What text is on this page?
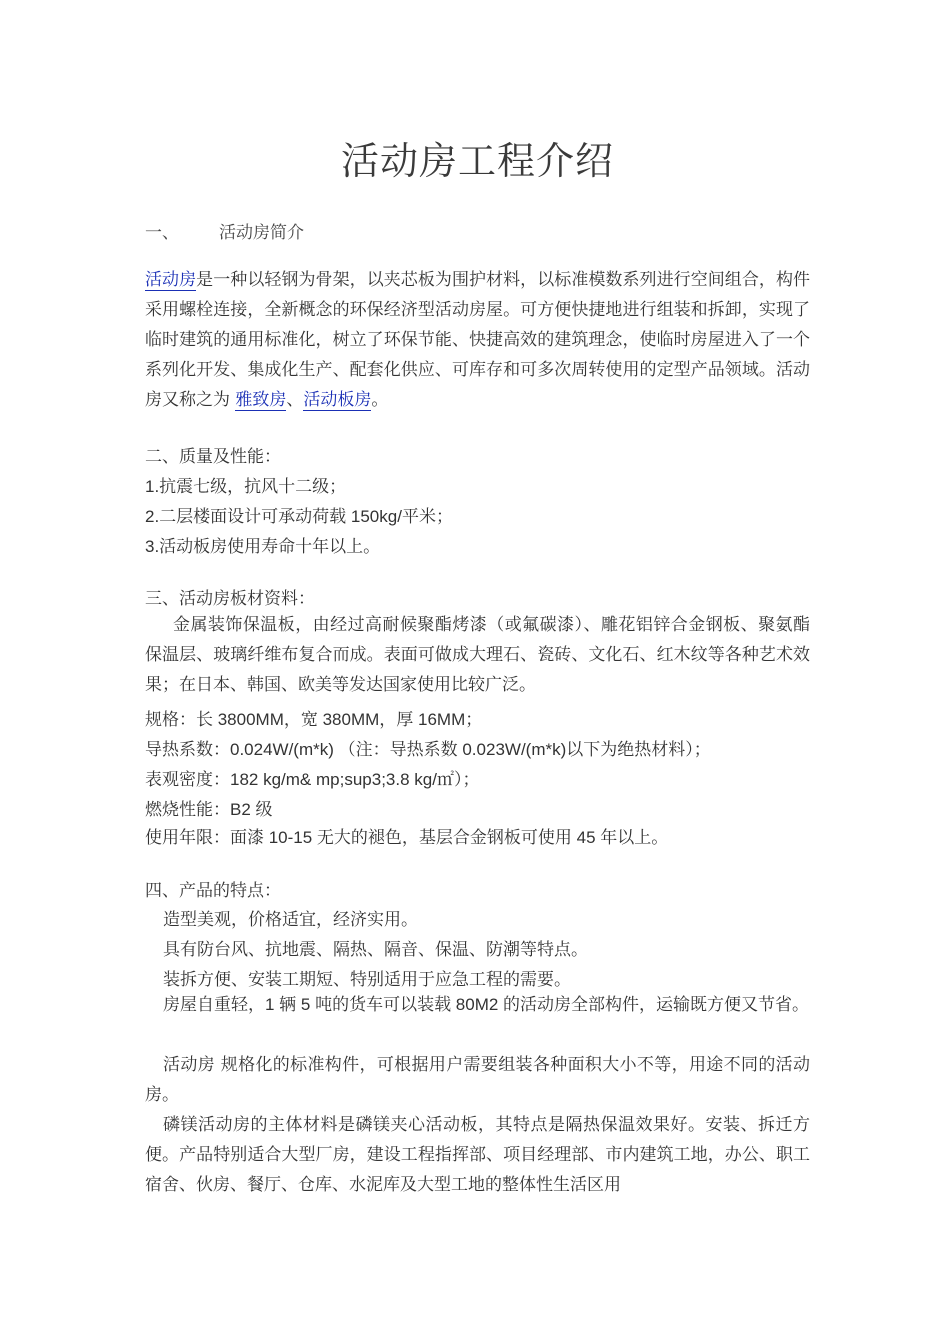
活动房工程介绍
一、 活动房简介
活动房是一种以轻钢为骨架，以夹芯板为围护材料，以标准模数系列进行空间组合，构件采用螺栓连接，全新概念的环保经济型活动房屋。可方便快捷地进行组装和拆卸，实现了临时建筑的通用标准化，树立了环保节能、快捷高效的建筑理念，使临时房屋进入了一个系列化开发、集成化生产、配套化供应、可库存和可多次周转使用的定型产品领域。活动房又称之为 雅致房、活动板房。
二、质量及性能：
1.抗震七级，抗风十二级；
2.二层楼面设计可承动荷载 150kg/平米；
3.活动板房使用寿命十年以上。
三、活动房板材资料：
金属装饰保温板，由经过高耐候聚酯烤漆（或氟碳漆）、雕花铝锌合金钢板、聚氨酯保温层、玻璃纤维布复合而成。表面可做成大理石、瓷砖、文化石、红木纹等各种艺术效果；在日本、韩国、欧美等发达国家使用比较广泛。
规格：长 3800MM，宽 380MM，厚 16MM；
导热系数：0.024W/(m*k) （注：导热系数 0.023W/(m*k)以下为绝热材料）；
表观密度：182 kg/m& mp;sup3;3.8 kg/㎡）；
燃烧性能：B2 级
使用年限：面漆 10-15 无大的褪色，基层合金钢板可使用 45 年以上。
四、产品的特点：
造型美观，价格适宜，经济实用。
具有防台风、抗地震、隔热、隔音、保温、防潮等特点。
装拆方便、安装工期短、特别适用于应急工程的需要。
房屋自重轻，1 辆 5 吨的货车可以装载 80M2 的活动房全部构件，运输既方便又节省。
活动房 规格化的标准构件，可根据用户需要组装各种面积大小不等，用途不同的活动房。
磷镁活动房的主体材料是磷镁夹心活动板，其特点是隔热保温效果好。安装、拆迁方便。产品特别适合大型厂房，建设工程指挥部、项目经理部、市内建筑工地，办公、职工宿舍、伙房、餐厅、仓库、水泥库及大型工地的整体性生活区用
